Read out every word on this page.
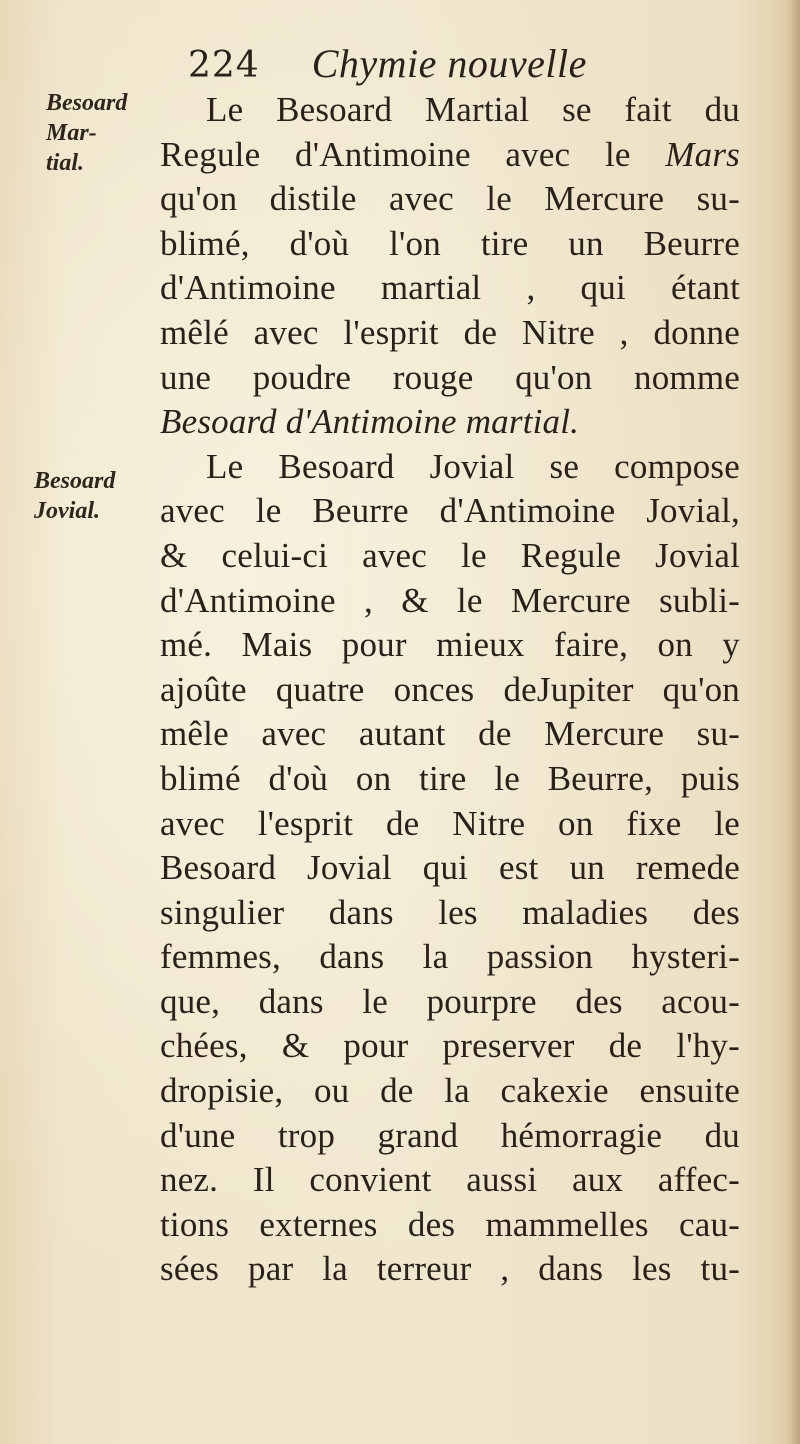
224 Chymie nouvelle
Besoard
Mar-
tial.
Besoard
Jovial.
Le Besoard Martial se fait du
Regule d'Antimoine avec le Mars
qu'on distile avec le Mercure su-
blimé, d'où l'on tire un Beurre
d'Antimoine martial , qui étant
mêlé avec l'esprit de Nitre , donne
une poudre rouge qu'on nomme
Besoard d'Antimoine martial.
Le Besoard Jovial se compose
avec le Beurre d'Antimoine Jovial,
& celui-ci avec le Regule Jovial
d'Antimoine , & le Mercure subli-
mé. Mais pour mieux faire, on y
ajoûte quatre onces deJupiter qu'on
mêle avec autant de Mercure su-
blimé d'où on tire le Beurre, puis
avec l'esprit de Nitre on fixe le
Besoard Jovial qui est un remede
singulier dans les maladies des
femmes, dans la passion hysteri-
que, dans le pourpre des acou-
chées, & pour preserver de l'hy-
dropisie, ou de la cakexie ensuite
d'une trop grand hémorragie du
nez. Il convient aussi aux affec-
tions externes des mammelles cau-
sées par la terreur , dans les tu-
